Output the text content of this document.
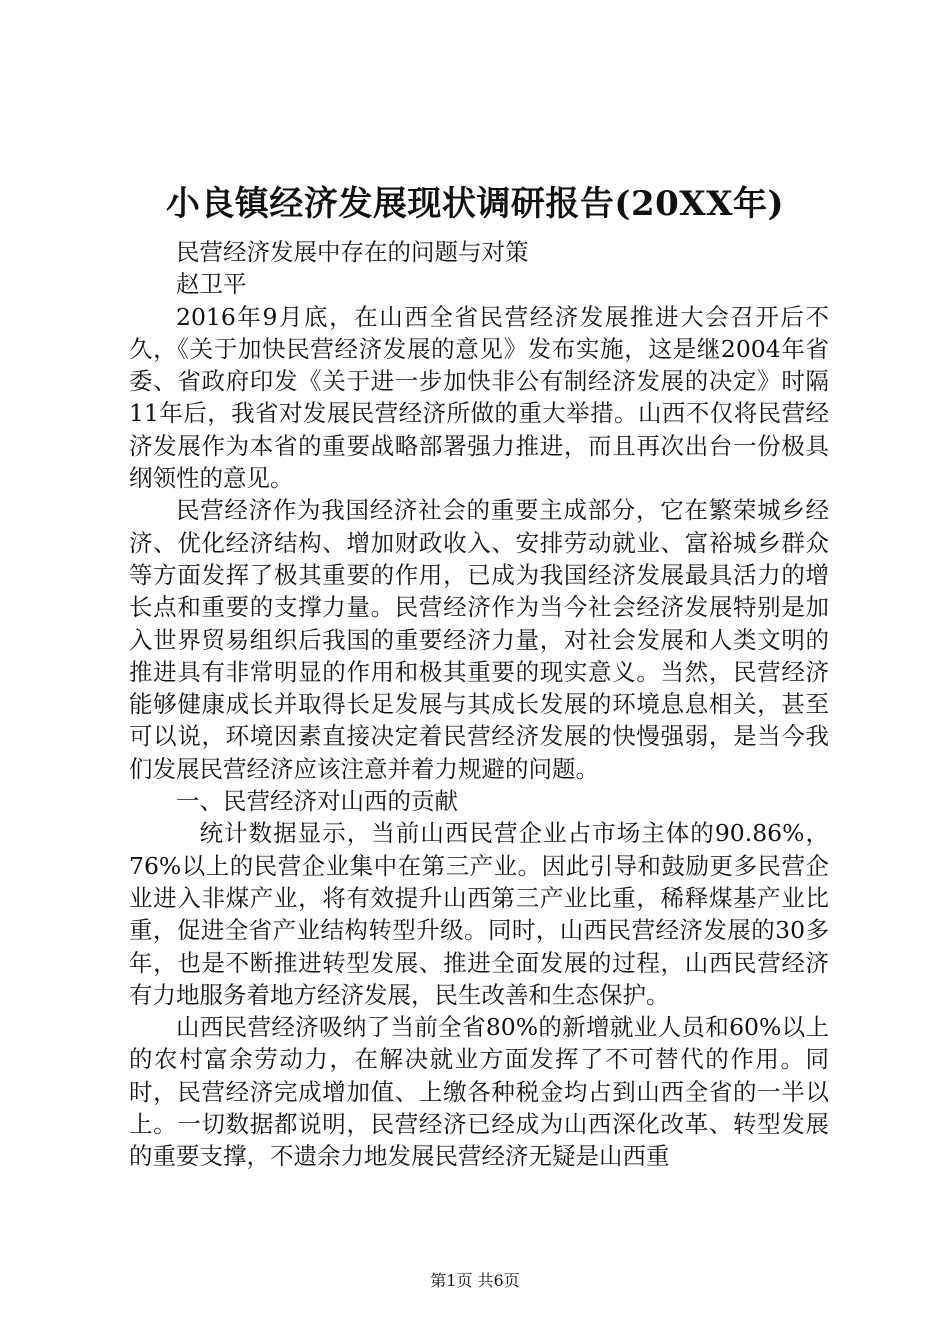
小良镇经济发展现状调研报告(20XX年)

民营经济发展中存在的问题与对策

赵卫平

2016年9月底，在山西全省民营经济发展推进大会召开后不久，《关于加快民营经济发展的意见》发布实施，这是继2004年省委、省政府印发《关于进一步加快非公有制经济发展的决定》时隔11年后，我省对发展民营经济所做的重大举措。山西不仅将民营经济发展作为本省的重要战略部署强力推进，而且再次出台一份极具纲领性的意见。

民营经济作为我国经济社会的重要主成部分，它在繁荣城乡经济、优化经济结构、增加财政收入、安排劳动就业、富裕城乡群众等方面发挥了极其重要的作用，已成为我国经济发展最具活力的增长点和重要的支撑力量。民营经济作为当今社会经济发展特别是加入世界贸易组织后我国的重要经济力量，对社会发展和人类文明的推进具有非常明显的作用和极其重要的现实意义。当然，民营经济能够健康成长并取得长足发展与其成长发展的环境息息相关，甚至可以说，环境因素直接决定着民营经济发展的快慢强弱，是当今我们发展民营经济应该注意并着力规避的问题。

一、民营经济对山西的贡献

统计数据显示，当前山西民营企业占市场主体的90.86%，76%以上的民营企业集中在第三产业。因此引导和鼓励更多民营企业进入非煤产业，将有效提升山西第三产业比重，稀释煤基产业比重，促进全省产业结构转型升级。同时，山西民营经济发展的30多年，也是不断推进转型发展、推进全面发展的过程，山西民营经济有力地服务着地方经济发展，民生改善和生态保护。

山西民营经济吸纳了当前全省80%的新增就业人员和60%以上的农村富余劳动力，在解决就业方面发挥了不可替代的作用。同时，民营经济完成增加值、上缴各种税金均占到山西全省的一半以上。一切数据都说明，民营经济已经成为山西深化改革、转型发展的重要支撑，不遗余力地发展民营经济无疑是山西重

第1页 共6页
